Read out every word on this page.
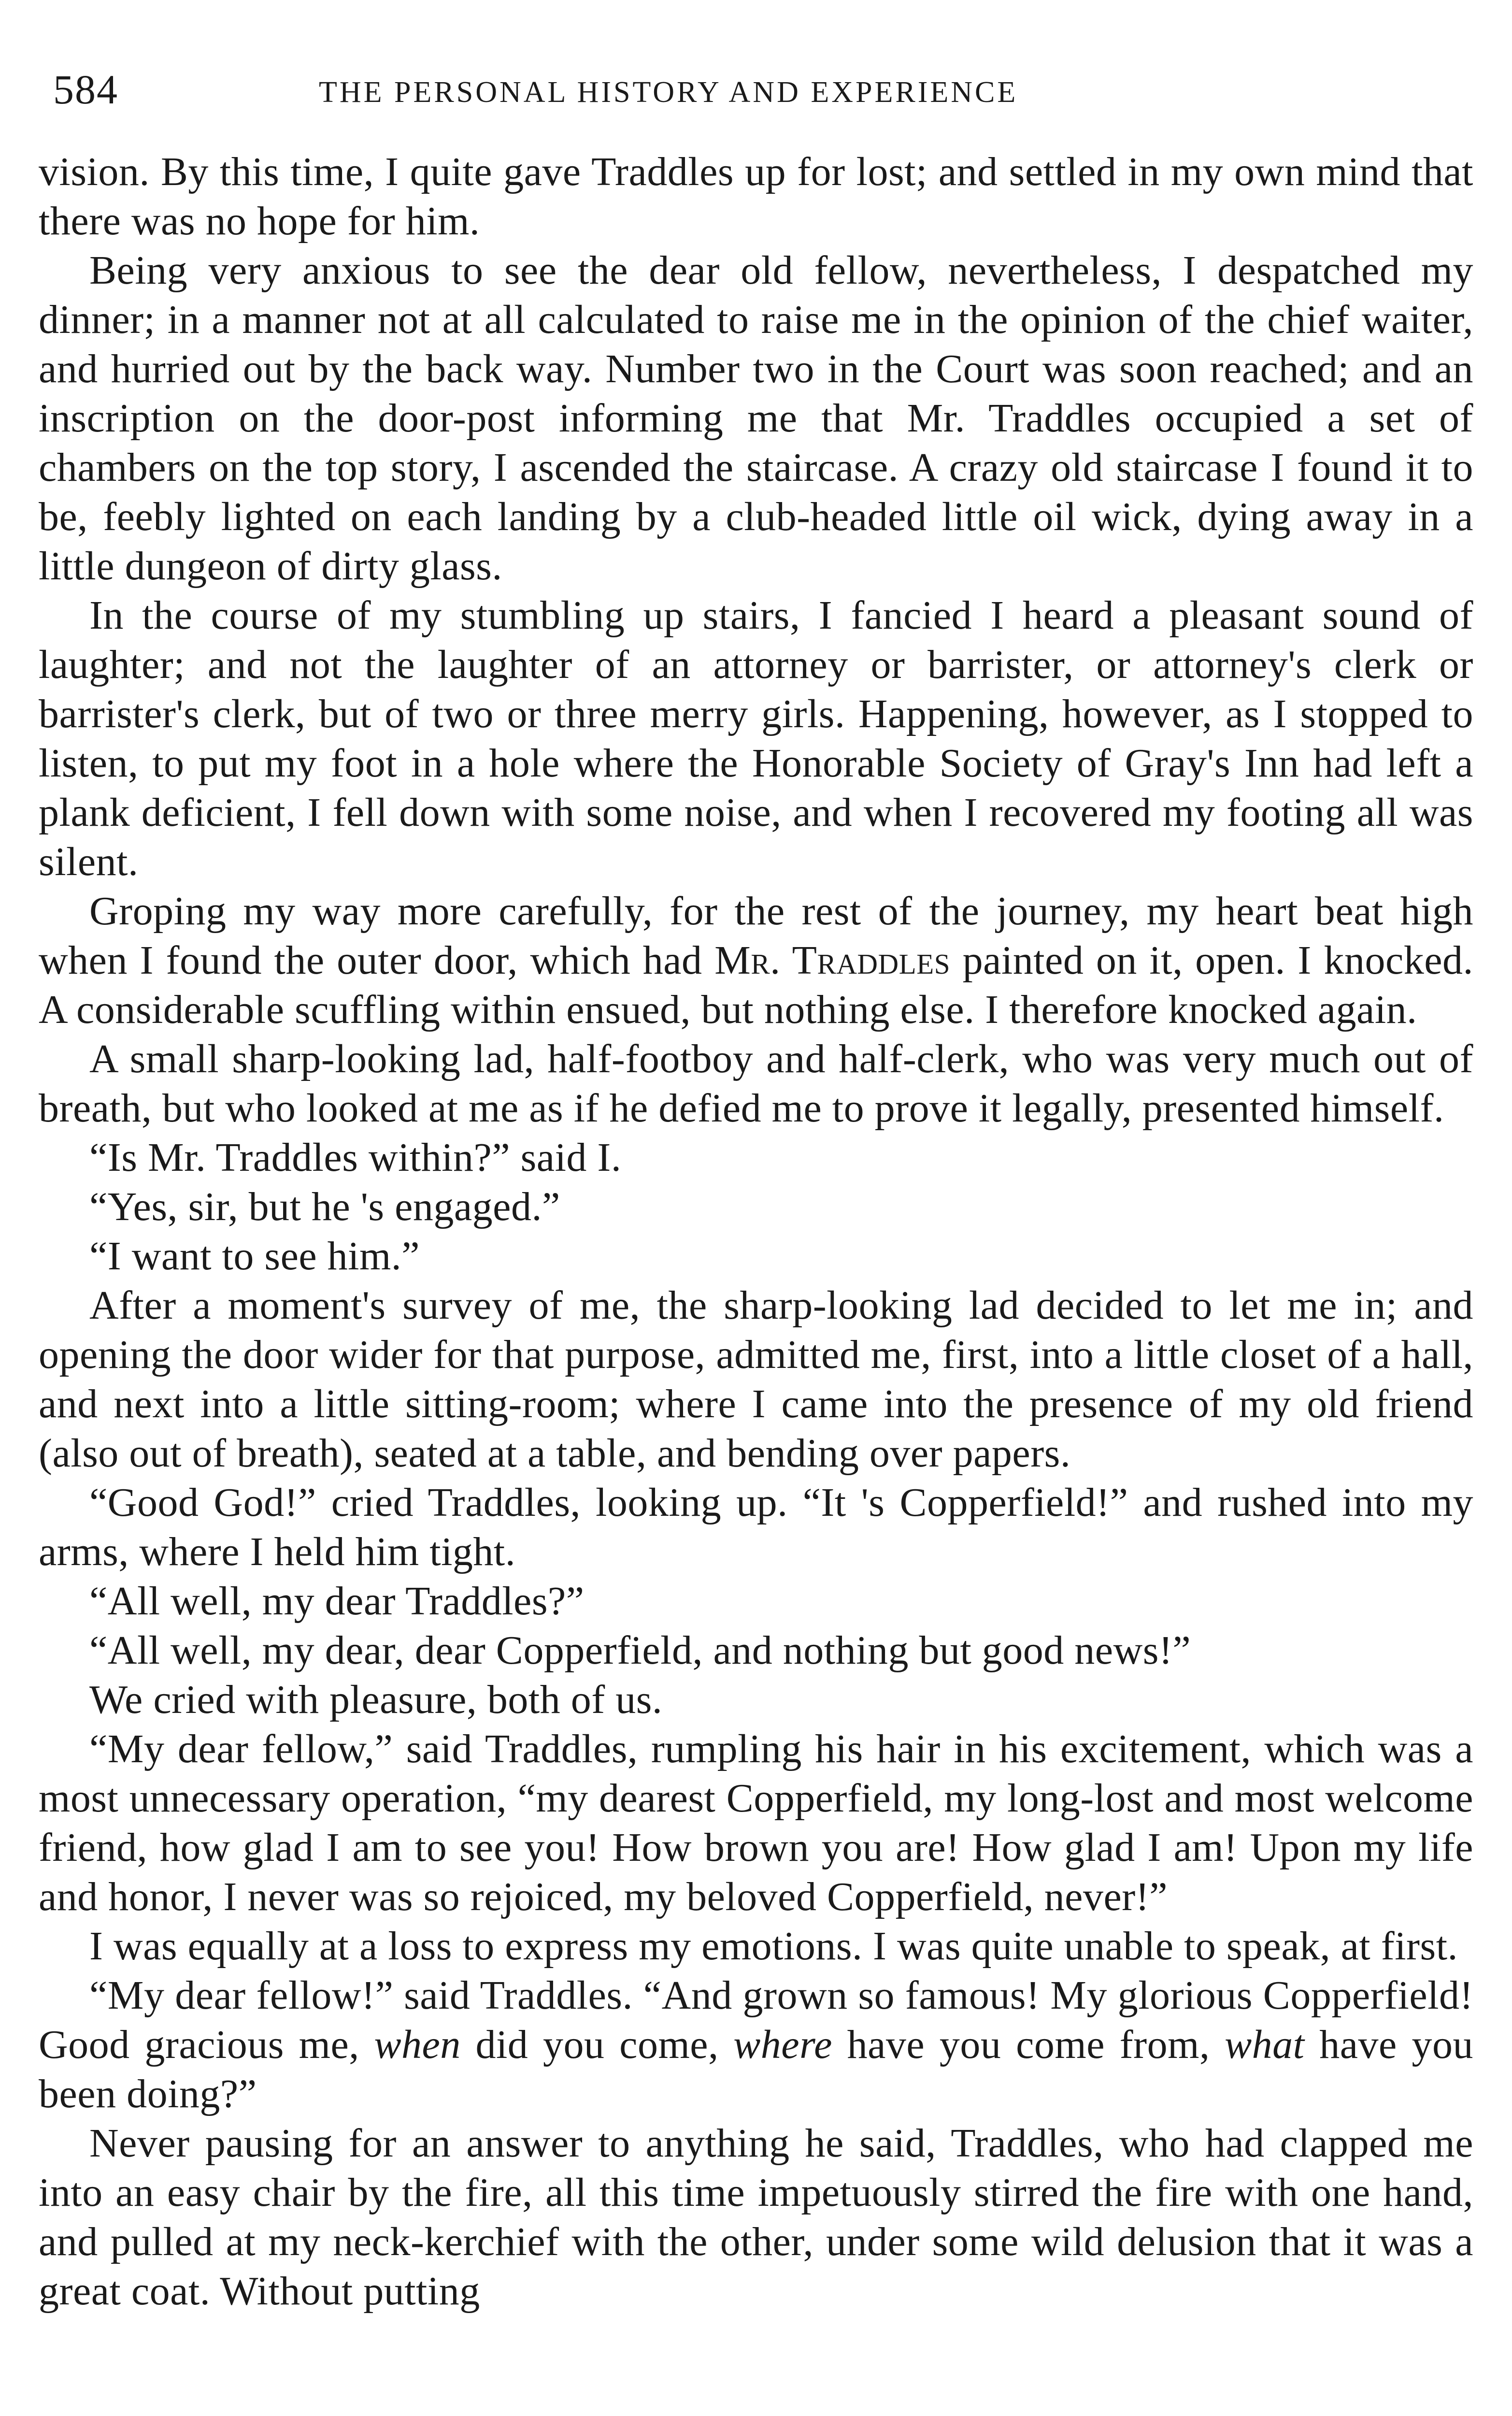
584	THE PERSONAL HISTORY AND EXPERIENCE

vision. By this time, I quite gave Traddles up for lost; and settled in my own mind that there was no hope for him.

Being very anxious to see the dear old fellow, nevertheless, I despatched my dinner; in a manner not at all calculated to raise me in the opinion of the chief waiter, and hurried out by the back way. Number two in the Court was soon reached; and an inscription on the door-post informing me that Mr. Traddles occupied a set of chambers on the top story, I ascended the staircase. A crazy old staircase I found it to be, feebly lighted on each landing by a club-headed little oil wick, dying away in a little dungeon of dirty glass.

In the course of my stumbling up stairs, I fancied I heard a pleasant sound of laughter; and not the laughter of an attorney or barrister, or attorney's clerk or barrister's clerk, but of two or three merry girls. Happening, however, as I stopped to listen, to put my foot in a hole where the Honorable Society of Gray's Inn had left a plank deficient, I fell down with some noise, and when I recovered my footing all was silent.

Groping my way more carefully, for the rest of the journey, my heart beat high when I found the outer door, which had Mr. Traddles painted on it, open. I knocked. A considerable scuffling within ensued, but nothing else. I therefore knocked again.

A small sharp-looking lad, half-footboy and half-clerk, who was very much out of breath, but who looked at me as if he defied me to prove it legally, presented himself.

“Is Mr. Traddles within?” said I.

“Yes, sir, but he 's engaged.”

“I want to see him.”

After a moment's survey of me, the sharp-looking lad decided to let me in; and opening the door wider for that purpose, admitted me, first, into a little closet of a hall, and next into a little sitting-room; where I came into the presence of my old friend (also out of breath), seated at a table, and bending over papers.

“Good God!” cried Traddles, looking up. “It 's Copperfield!” and rushed into my arms, where I held him tight.

“All well, my dear Traddles?”

“All well, my dear, dear Copperfield, and nothing but good news!”

We cried with pleasure, both of us.

“My dear fellow,” said Traddles, rumpling his hair in his excitement, which was a most unnecessary operation, “my dearest Copperfield, my long-lost and most welcome friend, how glad I am to see you! How brown you are! How glad I am! Upon my life and honor, I never was so rejoiced, my beloved Copperfield, never!”

I was equally at a loss to express my emotions. I was quite unable to speak, at first.

“My dear fellow!” said Traddles. “And grown so famous! My glorious Copperfield! Good gracious me, when did you come, where have you come from, what have you been doing?”

Never pausing for an answer to anything he said, Traddles, who had clapped me into an easy chair by the fire, all this time impetuously stirred the fire with one hand, and pulled at my neck-kerchief with the other, under some wild delusion that it was a great coat. Without putting
